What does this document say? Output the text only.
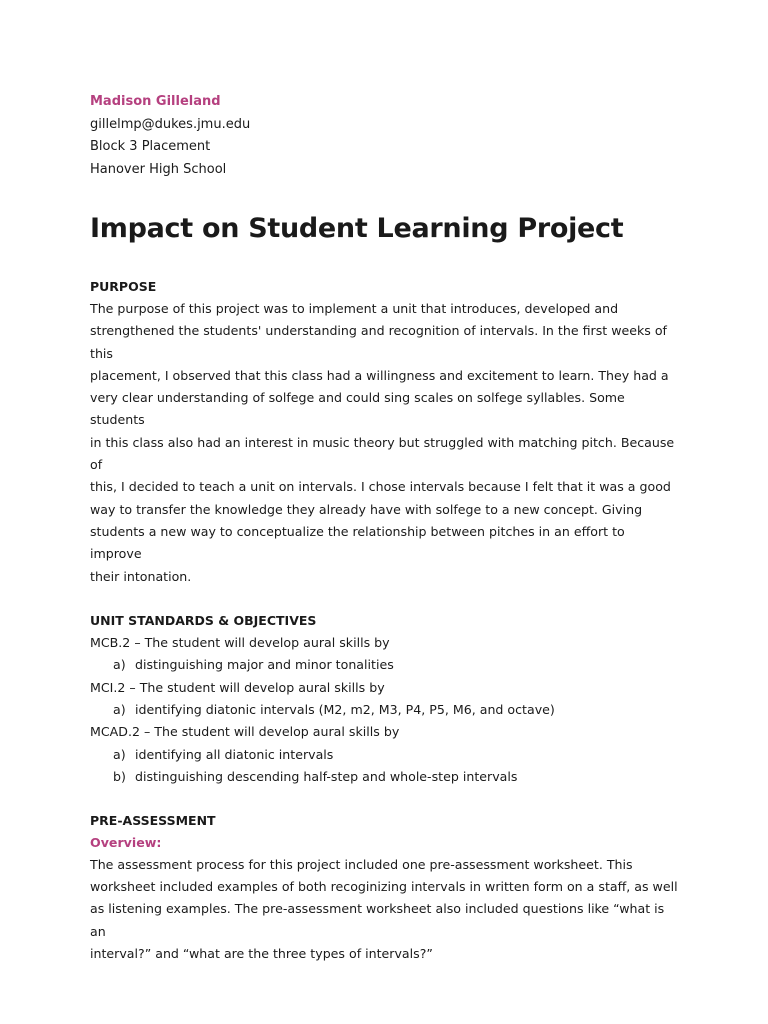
Madison Gilleland
gillelmp@dukes.jmu.edu
Block 3 Placement
Hanover High School
Impact on Student Learning Project
PURPOSE
The purpose of this project was to implement a unit that introduces, developed and
strengthened the students' understanding and recognition of intervals. In the first weeks of this
placement, I observed that this class had a willingness and excitement to learn. They had a
very clear understanding of solfege and could sing scales on solfege syllables. Some students
in this class also had an interest in music theory but struggled with matching pitch. Because of
this, I decided to teach a unit on intervals. I chose intervals because I felt that it was a good
way to transfer the knowledge they already have with solfege to a new concept. Giving
students a new way to conceptualize the relationship between pitches in an effort to improve
their intonation.
UNIT STANDARDS & OBJECTIVES
MCB.2 – The student will develop aural skills by
a) distinguishing major and minor tonalities
MCI.2 – The student will develop aural skills by
a) identifying diatonic intervals (M2, m2, M3, P4, P5, M6, and octave)
MCAD.2 – The student will develop aural skills by
a) identifying all diatonic intervals
b) distinguishing descending half-step and whole-step intervals
PRE-ASSESSMENT
Overview:
The assessment process for this project included one pre-assessment worksheet. This
worksheet included examples of both recoginizing intervals in written form on a staff, as well
as listening examples. The pre-assessment worksheet also included questions like “what is an
interval?” and “what are the three types of intervals?”
